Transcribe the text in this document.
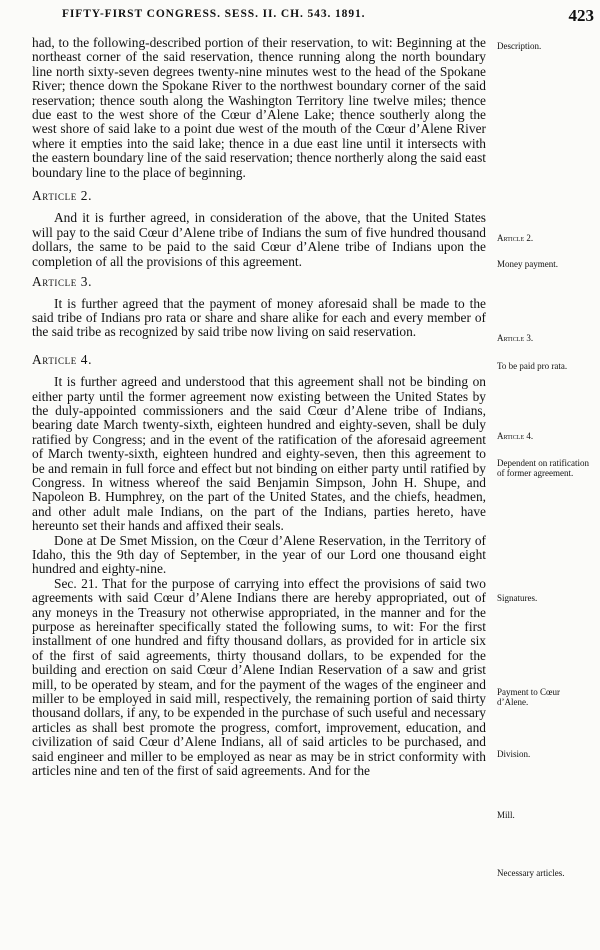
FIFTY-FIRST CONGRESS. SESS. II. CH. 543. 1891.	423

had, to the following-described portion of their reservation, to wit: Beginning at the northeast corner of the said reservation, thence running along the north boundary line north sixty-seven degrees twenty-nine minutes west to the head of the Spokane River; thence down the Spokane River to the northwest boundary corner of the said reservation; thence south along the Washington Territory line twelve miles; thence due east to the west shore of the Cœur d’Alene Lake; thence southerly along the west shore of said lake to a point due west of the mouth of the Cœur d’Alene River where it empties into the said lake; thence in a due east line until it intersects with the eastern boundary line of the said reservation; thence northerly along the said east boundary line to the place of beginning.

Article 2.

And it is further agreed, in consideration of the above, that the United States will pay to the said Cœur d’Alene tribe of Indians the sum of five hundred thousand dollars, the same to be paid to the said Cœur d’Alene tribe of Indians upon the completion of all the provisions of this agreement.

Article 3.

It is further agreed that the payment of money aforesaid shall be made to the said tribe of Indians pro rata or share and share alike for each and every member of the said tribe as recognized by said tribe now living on said reservation.

Article 4.

It is further agreed and understood that this agreement shall not be binding on either party until the former agreement now existing between the United States by the duly-appointed commissioners and the said Cœur d’Alene tribe of Indians, bearing date March twenty-sixth, eighteen hundred and eighty-seven, shall be duly ratified by Congress; and in the event of the ratification of the aforesaid agreement of March twenty-sixth, eighteen hundred and eighty-seven, then this agreement to be and remain in full force and effect but not binding on either party until ratified by Congress. In witness whereof the said Benjamin Simpson, John H. Shupe, and Napoleon B. Humphrey, on the part of the United States, and the chiefs, headmen, and other adult male Indians, on the part of the Indians, parties hereto, have hereunto set their hands and affixed their seals.

Done at De Smet Mission, on the Cœur d’Alene Reservation, in the Territory of Idaho, this the 9th day of September, in the year of our Lord one thousand eight hundred and eighty-nine.

Sec. 21. That for the purpose of carrying into effect the provisions of said two agreements with said Cœur d’Alene Indians there are hereby appropriated, out of any moneys in the Treasury not otherwise appropriated, in the manner and for the purpose as hereinafter specifically stated the following sums, to wit: For the first installment of one hundred and fifty thousand dollars, as provided for in article six of the first of said agreements, thirty thousand dollars, to be expended for the building and erection on said Cœur d’Alene Indian Reservation of a saw and grist mill, to be operated by steam, and for the payment of the wages of the engineer and miller to be employed in said mill, respectively, the remaining portion of said thirty thousand dollars, if any, to be expended in the purchase of such useful and necessary articles as shall best promote the progress, comfort, improvement, education, and civilization of said Cœur d’Alene Indians, all of said articles to be purchased, and said engineer and miller to be employed as near as may be in strict conformity with articles nine and ten of the first of said agreements. And for the

Description.
Article 2.
Money payment.
Article 3.
To be paid pro rata.
Article 4.
Dependent on ratification of former agreement.
Signatures.
Payment to Cœur d’Alene.
Division.
Mill.
Necessary articles.
